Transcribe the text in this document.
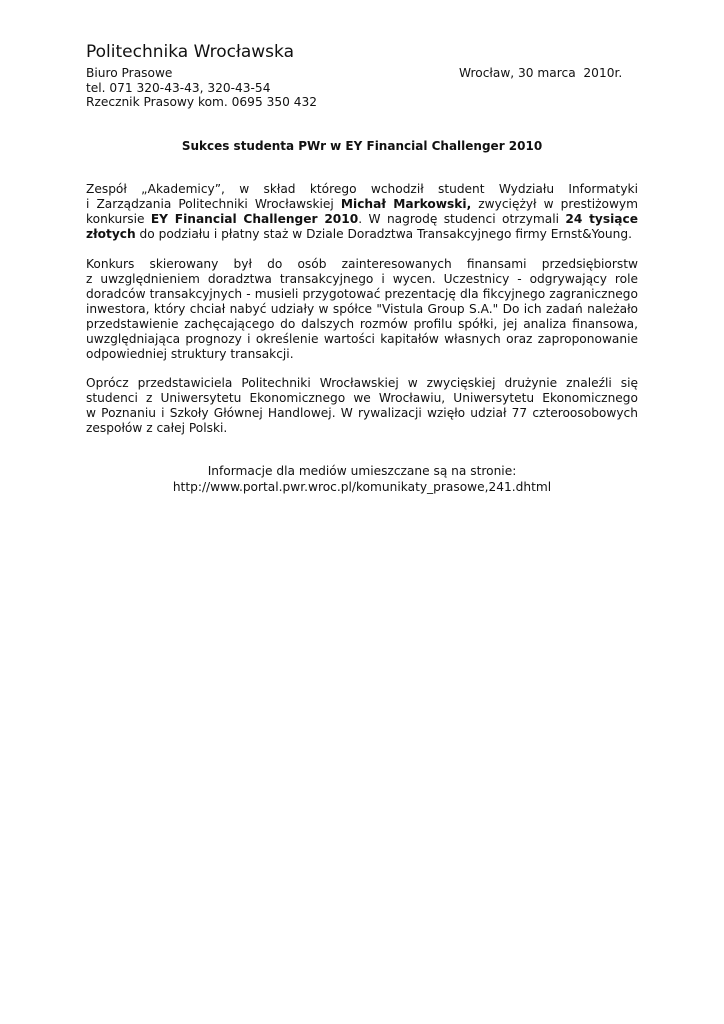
Politechnika Wrocławska
Biuro Prasowe
tel. 071 320-43-43, 320-43-54
Rzecznik Prasowy kom. 0695 350 432
Wrocław, 30 marca  2010r.
Sukces studenta PWr w EY Financial Challenger 2010
Zespół „Akademicy”, w skład którego wchodził student Wydziału Informatyki
i Zarządzania Politechniki Wrocławskiej Michał Markowski, zwyciężył w prestiżowym
konkursie EY Financial Challenger 2010. W nagrodę studenci otrzymali 24 tysiące
złotych do podziału i płatny staż w Dziale Doradztwa Transakcyjnego firmy Ernst&Young.
Konkurs skierowany był do osób zainteresowanych finansami przedsiębiorstw
z uwzględnieniem doradztwa transakcyjnego i wycen. Uczestnicy - odgrywający role
doradców transakcyjnych - musieli przygotować prezentację dla fikcyjnego zagranicznego
inwestora, który chciał nabyć udziały w spółce "Vistula Group S.A." Do ich zadań należało
przedstawienie zachęcającego do dalszych rozmów profilu spółki, jej analiza finansowa,
uwzględniająca prognozy i określenie wartości kapitałów własnych oraz zaproponowanie
odpowiedniej struktury transakcji.
Oprócz przedstawiciela Politechniki Wrocławskiej w zwycięskiej drużynie znaleźli się
studenci z Uniwersytetu Ekonomicznego we Wrocławiu, Uniwersytetu Ekonomicznego
w Poznaniu i Szkoły Głównej Handlowej. W rywalizacji wzięło udział 77 czteroosobowych
zespołów z całej Polski.
Informacje dla mediów umieszczane są na stronie:
http://www.portal.pwr.wroc.pl/komunikaty_prasowe,241.dhtml
